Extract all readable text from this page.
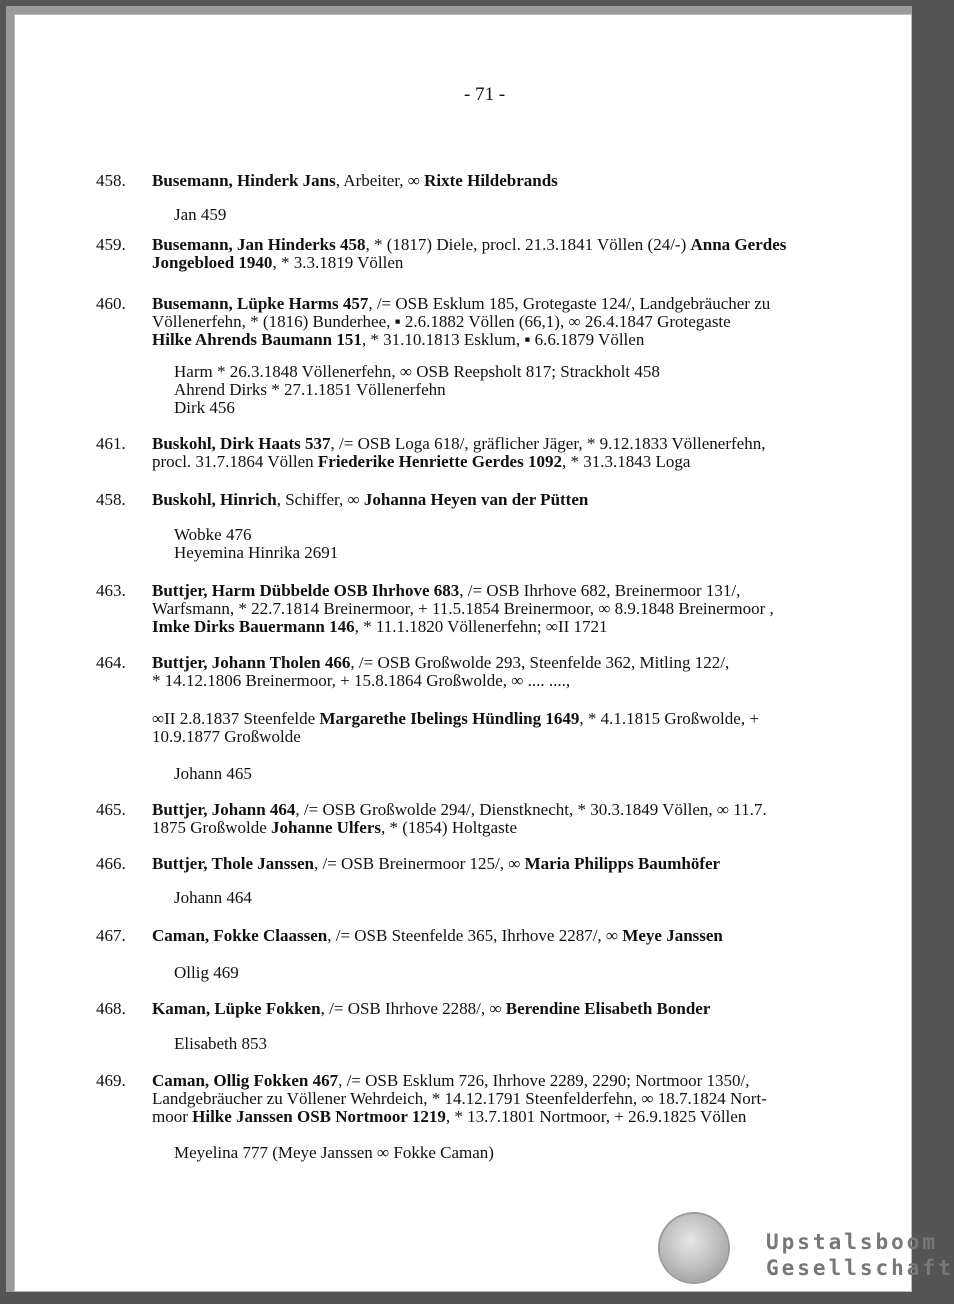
- 71 -
Upstalsboom
Gesellschaft
458. Busemann, Hinderk Jans, Arbeiter, ∞ Rixte Hildebrands
Jan 459
459. Busemann, Jan Hinderks 458, * (1817) Diele, procl. 21.3.1841 Völlen (24/-) Anna Gerdes
Jongebloed 1940, * 3.3.1819 Völlen
460. Busemann, Lüpke Harms 457, /= OSB Esklum 185, Grotegaste 124/, Landgebräucher zu
Völlenerfehn, * (1816) Bunderhee, ▪ 2.6.1882 Völlen (66,1), ∞ 26.4.1847 Grotegaste
Hilke Ahrends Baumann 151, * 31.10.1813 Esklum, ▪ 6.6.1879 Völlen
Harm * 26.3.1848 Völlenerfehn, ∞ OSB Reepsholt 817; Strackholt 458
Ahrend Dirks * 27.1.1851 Völlenerfehn
Dirk 456
461. Buskohl, Dirk Haats 537, /= OSB Loga 618/, gräflicher Jäger, * 9.12.1833 Völlenerfehn,
procl. 31.7.1864 Völlen Friederike Henriette Gerdes 1092, * 31.3.1843 Loga
458. Buskohl, Hinrich, Schiffer, ∞ Johanna Heyen van der Pütten
Wobke 476
Heyemina Hinrika 2691
463. Buttjer, Harm Dübbelde OSB Ihrhove 683, /= OSB Ihrhove 682, Breinermoor 131/,
Warfsmann, * 22.7.1814 Breinermoor, + 11.5.1854 Breinermoor, ∞ 8.9.1848 Breinermoor ,
Imke Dirks Bauermann 146, * 11.1.1820 Völlenerfehn; ∞II 1721
464. Buttjer, Johann Tholen 466, /= OSB Großwolde 293, Steenfelde 362, Mitling 122/,
* 14.12.1806 Breinermoor, + 15.8.1864 Großwolde, ∞ .... ....,
∞II 2.8.1837 Steenfelde Margarethe Ibelings Hündling 1649, * 4.1.1815 Großwolde, +
10.9.1877 Großwolde
Johann 465
465. Buttjer, Johann 464, /= OSB Großwolde 294/, Dienstknecht, * 30.3.1849 Völlen, ∞ 11.7.
1875 Großwolde Johanne Ulfers, * (1854) Holtgaste
466. Buttjer, Thole Janssen, /= OSB Breinermoor 125/, ∞ Maria Philipps Baumhöfer
Johann 464
467. Caman, Fokke Claassen, /= OSB Steenfelde 365, Ihrhove 2287/, ∞ Meye Janssen
Ollig 469
468. Kaman, Lüpke Fokken, /= OSB Ihrhove 2288/, ∞ Berendine Elisabeth Bonder
Elisabeth 853
469. Caman, Ollig Fokken 467, /= OSB Esklum 726, Ihrhove 2289, 2290; Nortmoor 1350/,
Landgebräucher zu Völlener Wehrdeich, * 14.12.1791 Steenfelderfehn, ∞ 18.7.1824 Nort-
moor Hilke Janssen OSB Nortmoor 1219, * 13.7.1801 Nortmoor, + 26.9.1825 Völlen
Meyelina 777 (Meye Janssen ∞ Fokke Caman)
